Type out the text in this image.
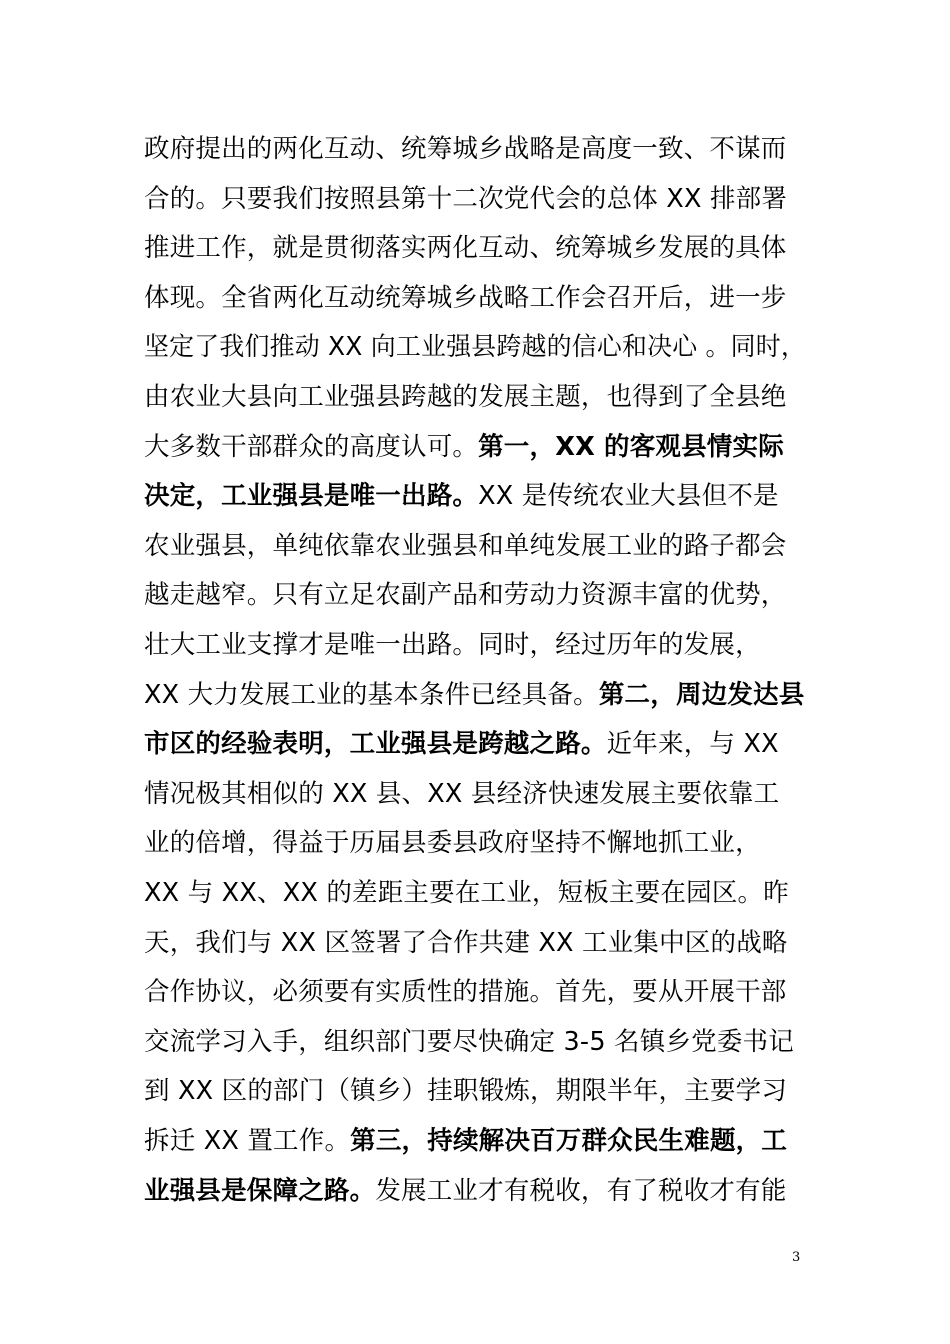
政府提出的两化互动、统筹城乡战略是高度一致、不谋而
合的。只要我们按照县第十二次党代会的总体 XX 排部署
推进工作，就是贯彻落实两化互动、统筹城乡发展的具体
体现。全省两化互动统筹城乡战略工作会召开后，进一步
坚定了我们推动 XX 向工业强县跨越的信心和决心 。同时，
由农业大县向工业强县跨越的发展主题，也得到了全县绝
大多数干部群众的高度认可。第一，XX 的客观县情实际
决定，工业强县是唯一出路。XX 是传统农业大县但不是
农业强县，单纯依靠农业强县和单纯发展工业的路子都会
越走越窄。只有立足农副产品和劳动力资源丰富的优势，
壮大工业支撑才是唯一出路。同时，经过历年的发展，
XX 大力发展工业的基本条件已经具备。第二，周边发达县
市区的经验表明，工业强县是跨越之路。近年来，与 XX
情况极其相似的 XX 县、XX 县经济快速发展主要依靠工
业的倍增，得益于历届县委县政府坚持不懈地抓工业，
XX 与 XX、XX 的差距主要在工业，短板主要在园区。昨
天，我们与 XX 区签署了合作共建 XX 工业集中区的战略
合作协议，必须要有实质性的措施。首先，要从开展干部
交流学习入手，组织部门要尽快确定 3-5 名镇乡党委书记
到 XX 区的部门（镇乡）挂职锻炼，期限半年，主要学习
拆迁 XX 置工作。第三，持续解决百万群众民生难题，工
业强县是保障之路。发展工业才有税收，有了税收才有能
3
